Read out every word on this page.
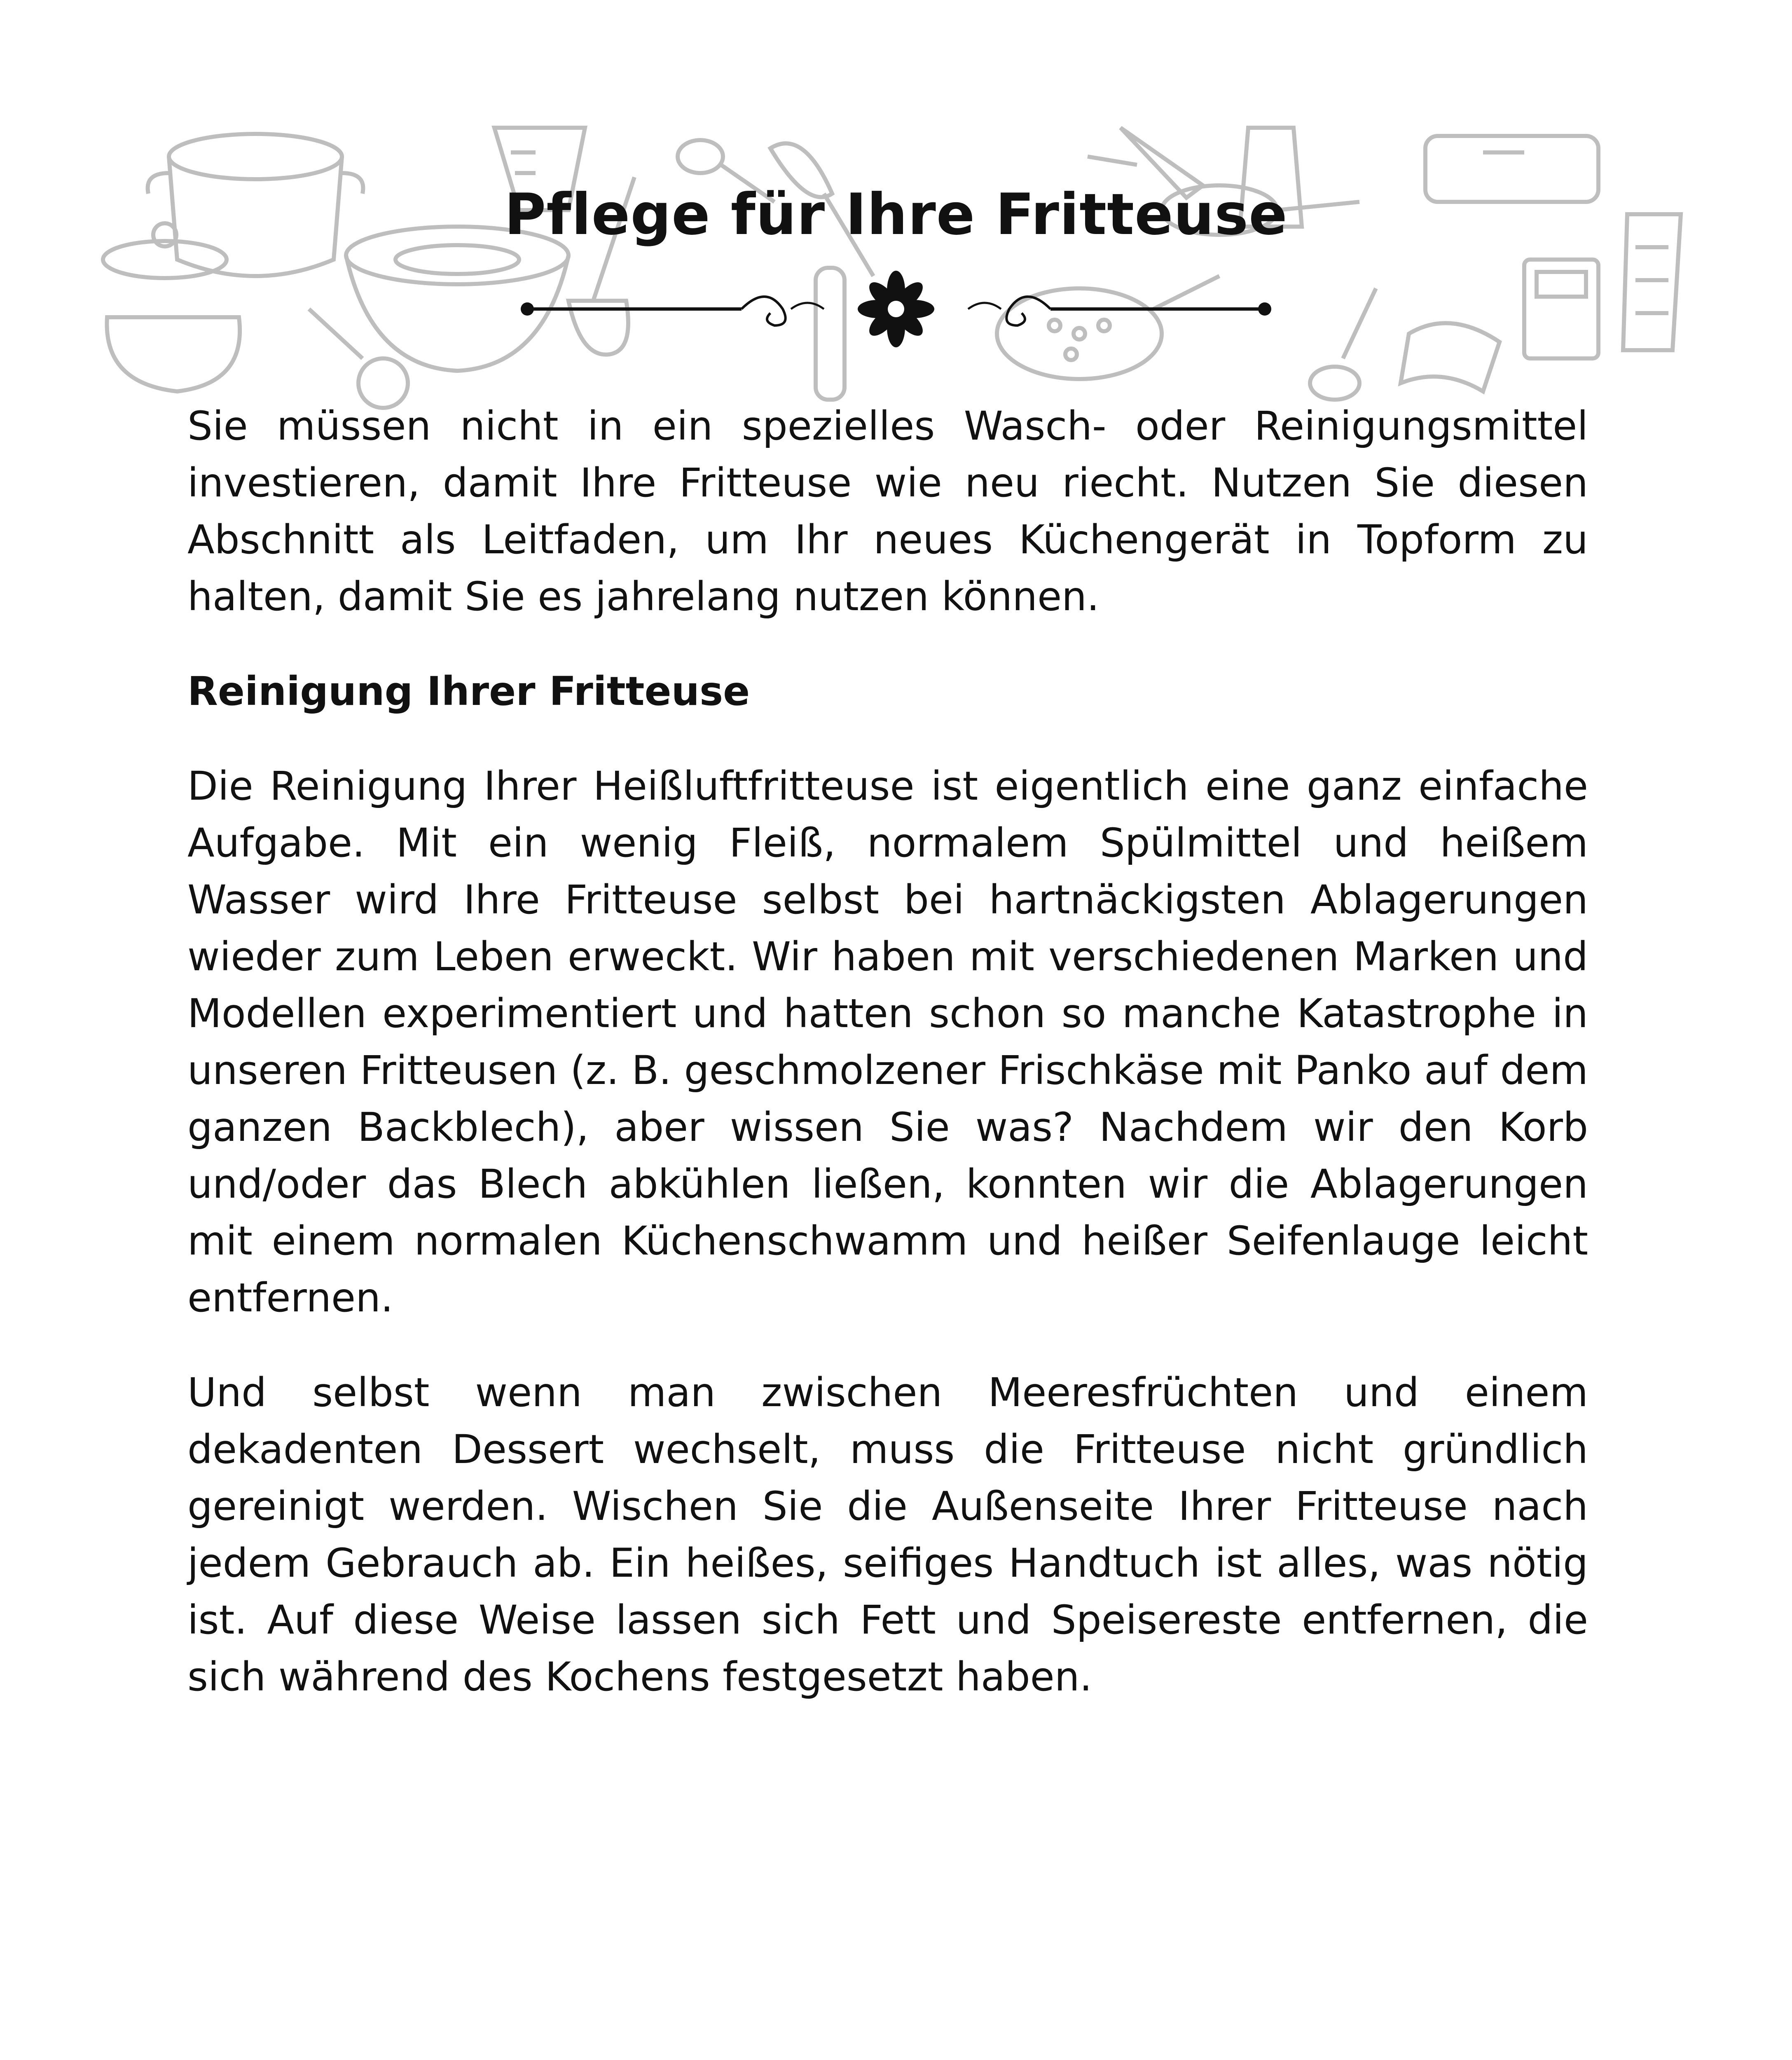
Pflege für Ihre Fritteuse

Sie müssen nicht in ein spezielles Wasch- oder Reinigungsmittel investieren, damit Ihre Fritteuse wie neu riecht. Nutzen Sie diesen Abschnitt als Leitfaden, um Ihr neues Küchengerät in Topform zu halten, damit Sie es jahrelang nutzen können.

Reinigung Ihrer Fritteuse

Die Reinigung Ihrer Heißluftfritteuse ist eigentlich eine ganz einfache Aufgabe. Mit ein wenig Fleiß, normalem Spülmittel und heißem Wasser wird Ihre Fritteuse selbst bei hartnäckigsten Ablagerungen wieder zum Leben erweckt. Wir haben mit verschiedenen Marken und Modellen experimentiert und hatten schon so manche Katastrophe in unseren Fritteusen (z. B. geschmolzener Frischkäse mit Panko auf dem ganzen Backblech), aber wissen Sie was? Nachdem wir den Korb und/oder das Blech abkühlen ließen, konnten wir die Ablagerungen mit einem normalen Küchenschwamm und heißer Seifenlauge leicht entfernen.

Und selbst wenn man zwischen Meeresfrüchten und einem dekadenten Dessert wechselt, muss die Fritteuse nicht gründlich gereinigt werden. Wischen Sie die Außenseite Ihrer Fritteuse nach jedem Gebrauch ab. Ein heißes, seifiges Handtuch ist alles, was nötig ist. Auf diese Weise lassen sich Fett und Speisereste entfernen, die sich während des Kochens festgesetzt haben.
